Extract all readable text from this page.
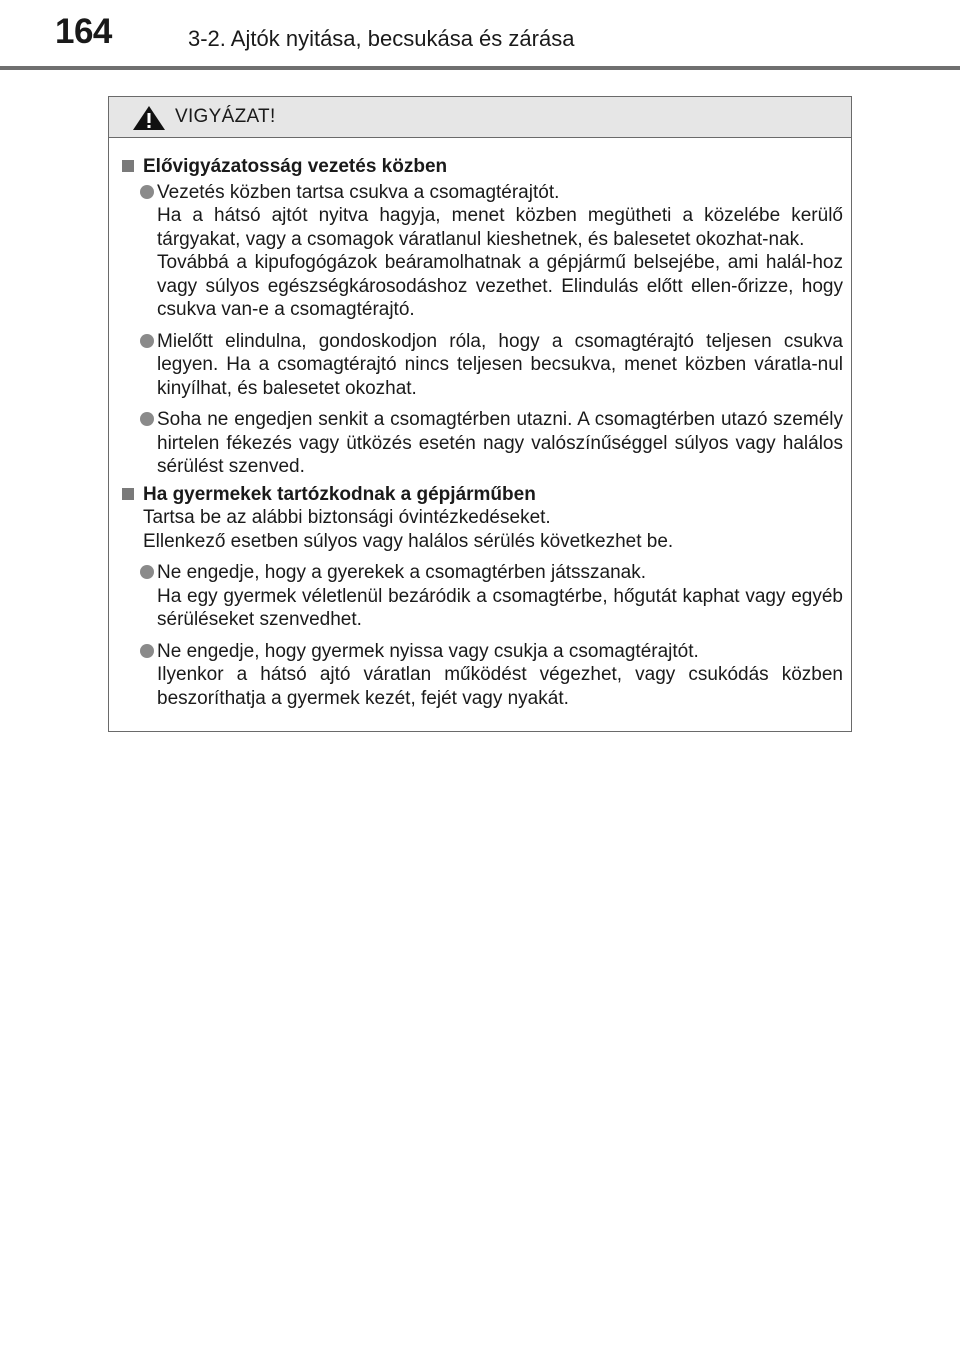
164	3-2. Ajtók nyitása, becsukása és zárása
VIGYÁZAT!
Elővigyázatosság vezetés közben
Vezetés közben tartsa csukva a csomagtérajtót.
Ha a hátsó ajtót nyitva hagyja, menet közben megütheti a közelébe kerülő tárgyakat, vagy a csomagok váratlanul kieshetnek, és balesetet okozhat-nak.
Továbbá a kipufogógázok beáramolhatnak a gépjármű belsejébe, ami halál-hoz vagy súlyos egészségkárosodáshoz vezethet. Elindulás előtt ellen-őrizze, hogy csukva van-e a csomagtérajtó.
Mielőtt elindulna, gondoskodjon róla, hogy a csomagtérajtó teljesen csukva legyen. Ha a csomagtérajtó nincs teljesen becsukva, menet közben váratla-nul kinyílhat, és balesetet okozhat.
Soha ne engedjen senkit a csomagtérben utazni. A csomagtérben utazó személy hirtelen fékezés vagy ütközés esetén nagy valószínűséggel súlyos vagy halálos sérülést szenved.
Ha gyermekek tartózkodnak a gépjárműben
Tartsa be az alábbi biztonsági óvintézkedéseket.
Ellenkező esetben súlyos vagy halálos sérülés következhet be.
Ne engedje, hogy a gyerekek a csomagtérben játsszanak.
Ha egy gyermek véletlenül bezáródik a csomagtérbe, hőgutát kaphat vagy egyéb sérüléseket szenvedhet.
Ne engedje, hogy gyermek nyissa vagy csukja a csomagtérajtót.
Ilyenkor a hátsó ajtó váratlan működést végezhet, vagy csukódás közben beszoríthatja a gyermek kezét, fejét vagy nyakát.
